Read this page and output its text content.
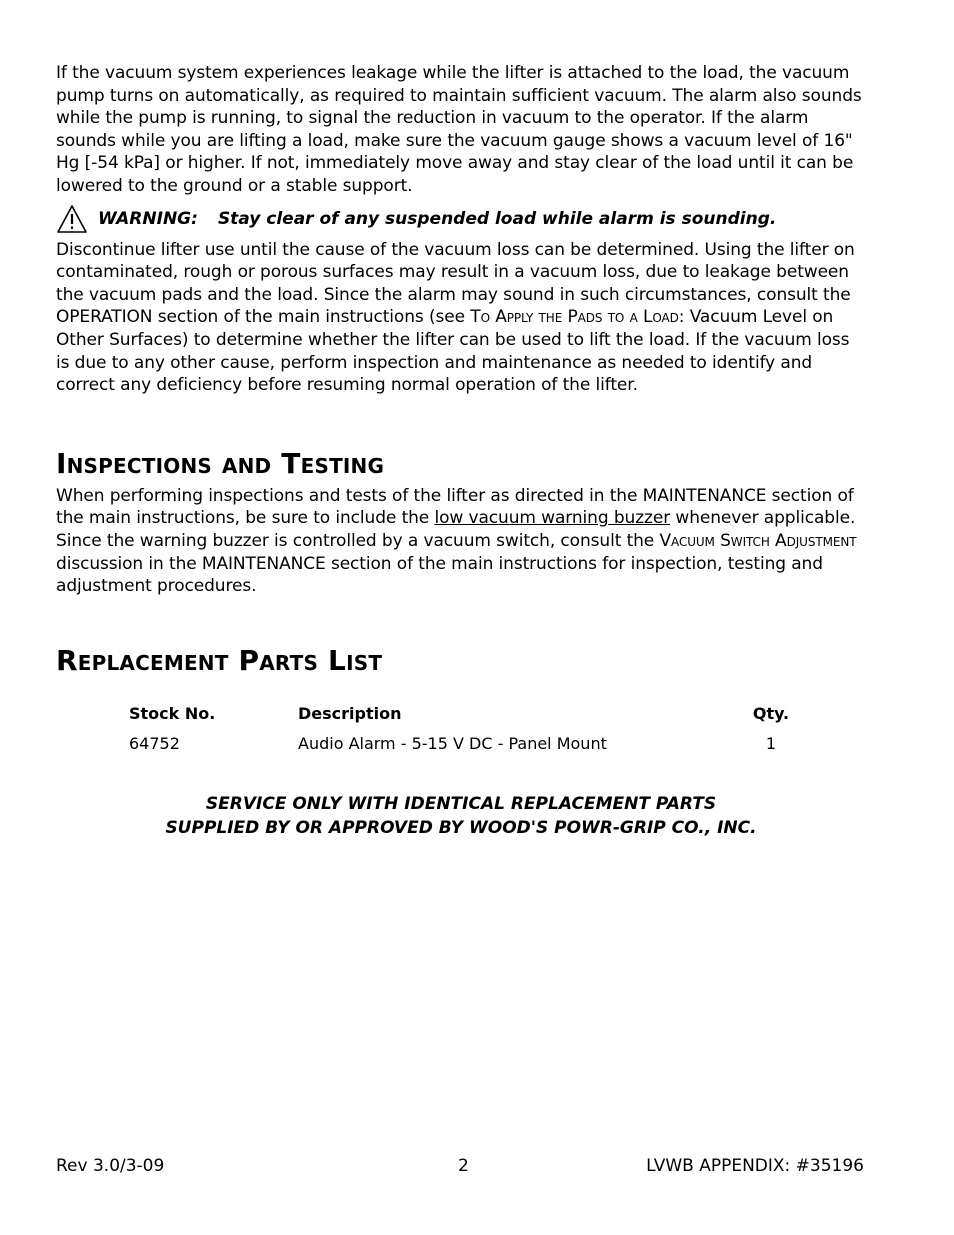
If the vacuum system experiences leakage while the lifter is attached to the load, the vacuum pump turns on automatically, as required to maintain sufficient vacuum. The alarm also sounds while the pump is running, to signal the reduction in vacuum to the operator. If the alarm sounds while you are lifting a load, make sure the vacuum gauge shows a vacuum level of 16" Hg [-54 kPa] or higher. If not, immediately move away and stay clear of the load until it can be lowered to the ground or a stable support.

WARNING: Stay clear of any suspended load while alarm is sounding.

Discontinue lifter use until the cause of the vacuum loss can be determined. Using the lifter on contaminated, rough or porous surfaces may result in a vacuum loss, due to leakage between the vacuum pads and the load. Since the alarm may sound in such circumstances, consult the OPERATION section of the main instructions (see To Apply the Pads to a Load: Vacuum Level on Other Surfaces) to determine whether the lifter can be used to lift the load. If the vacuum loss is due to any other cause, perform inspection and maintenance as needed to identify and correct any deficiency before resuming normal operation of the lifter.

Inspections and Testing

When performing inspections and tests of the lifter as directed in the MAINTENANCE section of the main instructions, be sure to include the low vacuum warning buzzer whenever applicable. Since the warning buzzer is controlled by a vacuum switch, consult the Vacuum Switch Adjustment discussion in the MAINTENANCE section of the main instructions for inspection, testing and adjustment procedures.

Replacement Parts List
Stock No.	Description	Qty.
64752	Audio Alarm - 5-15 V DC - Panel Mount	1
SERVICE ONLY WITH IDENTICAL REPLACEMENT PARTS
SUPPLIED BY OR APPROVED BY WOOD'S POWR-GRIP CO., INC.
Rev 3.0/3-09	2	LVWB APPENDIX: #35196
